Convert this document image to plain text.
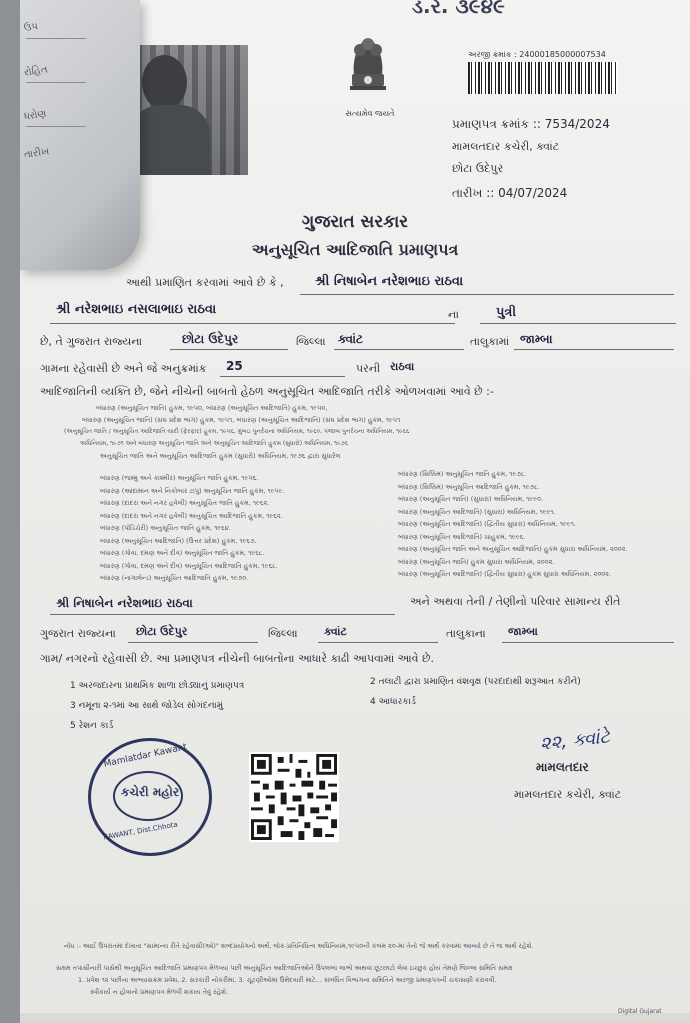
ડ.ર. ૩૯૪૯
સત્યમેવ જયતે
અરજી ક્રમાંક : 24000185000007534
પ્રમાણપત્ર ક્રમાંક :: 7534/2024
મામલતદાર કચેરી, ક્વાંટ
છોટા ઉદેપુર
તારીખ :: 04/07/2024
ગુજરાત સરકાર
અનુસૂચિત આદિજાતિ પ્રમાણપત્ર
આથી પ્રમાણિત કરવામાં આવે છે કે , શ્રી નિષાબેન નરેશભાઇ રાઠવા
શ્રી નરેશભાઇ નસલાભાઇ રાઠવા	ના	પુત્રી
છે, તે ગુજરાત રાજ્યના	છોટા ઉદેપુર	જિલ્લા ક્વાંટ	તાલુકામાં જામ્બા
ગામના રહેવાસી છે અને જે અનુક્રમાંક 25	પરની રાઠવા
આદિજાતિની વ્યક્તિ છે, જેને નીચેની બાબતો હેઠળ અનુસૂચિત આદિજાતિ તરીકે ઓળખવામાં આવે છે :-
બંધારણ (અનુસૂચિત જાતિ) હુકમ, ૧૯૫૦, બંધારણ (અનુસૂચિત આદિજાતિ) હુકમ, ૧૯૫૦,
બંધારણ (અનુસૂચિત જાતિ) (સંઘ પ્રદેશ ભાગ) હુકમ, ૧૯૫૧, બંધારણ (અનુસૂચિત આદિજાતિ) (સંઘ પ્રદેશ ભાગ) હુકમ, ૧૯૫૧
(અનુસૂચિત જાતિ / અનુસૂચિત આદિજાતિ યાદી (ફેરફાર) હુકમ, ૧૯૫૬, મુંબઇ પુનર્રચના અધિનિયમ, ૧૯૬૦, પંજાબ પુનર્રચના અધિનિયમ, ૧૯૬૬
અધિનિયમ, ૧૯૭૧ અને બંધારણ અનુસૂચિત જાતિ અને અનુસૂચિત આદિજાતિ હુકમ (સુધારો) અધિનિયમ, ૧૯૭૬
અનુસૂચિત જાતિ અને અનુસૂચિત આદિજાતિ હુકમ (સુધારો) અધિનિયમ, ૧૯૭૬ દ્વારા સુધારેલ
બંધારણ (જમ્મુ અને કાશ્મીર) અનુસૂચિત જાતિ હુકમ, ૧૯૫૬.
બંધારણ (આંદામાન અને નિકોબાર ટાપુ) અનુસૂચિત જાતિ હુકમ, ૧૯૫૯.
બંધારણ (દાદરા અને નગર હવેલી) અનુસૂચિત જાતિ હુકમ, ૧૯૬૨.
બંધારણ (દાદરા અને નગર હવેલી) અનુસૂચિત આદિજાતિ હુકમ, ૧૯૬૨.
બંધારણ (પોંડિચેરી) અનુસૂચિત જાતિ હુકમ, ૧૯૬૪.
બંધારણ (અનુસૂચિત આદિજાતિ) (ઉત્તર પ્રદેશ) હુકમ, ૧૯૬૭.
બંધારણ (ગોવા, દમણ અને દીવ) અનુસૂચિત જાતિ હુકમ, ૧૯૬૮.
બંધારણ (ગોવા, દમણ અને દીવ) અનુસૂચિત આદિજાતિ હુકમ, ૧૯૬૮.
બંધારણ (નાગાલેન્ડ) અનુસૂચિત આદિજાતિ હુકમ, ૧૯૭૦.
બંધારણ (સિક્કિમ) અનુસૂચિત જાતિ હુકમ, ૧૯૭૮.
બંધારણ (સિક્કિમ) અનુસૂચિત આદિજાતિ હુકમ, ૧૯૭૮.
બંધારણ (અનુસૂચિત જાતિ) (સુધારા) અધિનિયમ, ૧૯૯૦.
બંધારણ (અનુસૂચિત આદિજાતિ) (સુધારા) અધિનિયમ, ૧૯૯૧.
બંધારણ (અનુસૂચિત આદિજાતિ) (દ્વિતીય સુધારા) અધિનિયમ, ૧૯૯૧.
બંધારણ (અનુસૂચિત આદિજાતિ) ચાહુકમ, ૧૯૯૬.
બંધારણ (અનુસૂચિત જાતિ અને અનુસૂચિત આદિજાતિ) હુકમ સુધારા અધિનિયમ, ૨૦૦૨.
બંધારણ (અનુસૂચિત જાતિ) હુકમ સુધારા અધિનિયમ, ૨૦૦૨.
બંધારણ (અનુસૂચિત આદિજાતિ) (દ્વિતીય સુધારા) હુકમ સુધારા અધિનિયમ, ૨૦૦૨.
શ્રી નિષાબેન નરેશભાઇ રાઠવા	અને અથવા તેની / તેણીનો પરિવાર સામાન્ય રીતે
ગુજરાત રાજ્યના છોટા ઉદેપુર	જિલ્લા ક્વાંટ	તાલુકાના જામ્બા
ગામ/ નગરનો રહેવાસી છે. આ પ્રમાણપત્ર નીચેની બાબતોના આધારે કાઢી આપવામાં આવે છે.
1 અરજદારના પ્રાથમિક શાળા છોડ્યાનું પ્રમાણપત્ર	2 તલાટી દ્વારા પ્રમાણિત વંશવૃક્ષ (પરદાદાથી શરૂઆત કરીને)
3 નમૂના ૨-૧માં આ સાથે જોડેલ સોગંદનામું	4 આધારકાર્ડ
5 રેશન કાર્ડ
Mamlatdar Kawant
કચેરી મહોર
KAWANT, Dist.Chhota
૨૨, ક્વાંટે
મામલતદાર
મામલતદાર કચેરી, ક્વાંટ
નોંધ :- આઈ ઉપરાંતમાં દેખાતા "સામાન્ય રીતે રહેવાસી(ઓ)" શબ્દપ્રયોગનો અર્થ, લોક-પ્રતિનિધિત્વ અધિનિયમ,૧૯૫૦ની કલમ ૨૦-માં તેનો જે અર્થ કરવામાં આવ્યો છે તે જ અર્થ રહેશે.
સક્ષમ તપાસીનારી પાસેથી અનુસૂચિત આદિજાતિ પ્રમાણપત્ર મેળવ્યા પછી અનુસૂચિત આદિજાતિઓને ઉપલબ્ધ લાભો અથવા છૂટછાટો લેવા ઇચ્છુક હોય તેમણે જિલ્લા સમિતિ સમક્ષ
1. પ્રવેશ ૧૨ પછીના અભ્યાસક્રમ પ્રવેશ, 2. સરકારી નોકરીમાં, 3. ચૂંટણીઓમાં ઉમેદવારી માટે... સંબંધિત વિભાગના સમિતિને અરજી પ્રમાણપત્રની ચકાસણી કરાવવી.
સ્વીકાર્ય ન હોવાનો પ્રમાણપત્ર મેળવી શકાય તેવું રહેશે.
Digital Gujarat
ઉપ
રોહિત
ધરોણ
તારીખ
